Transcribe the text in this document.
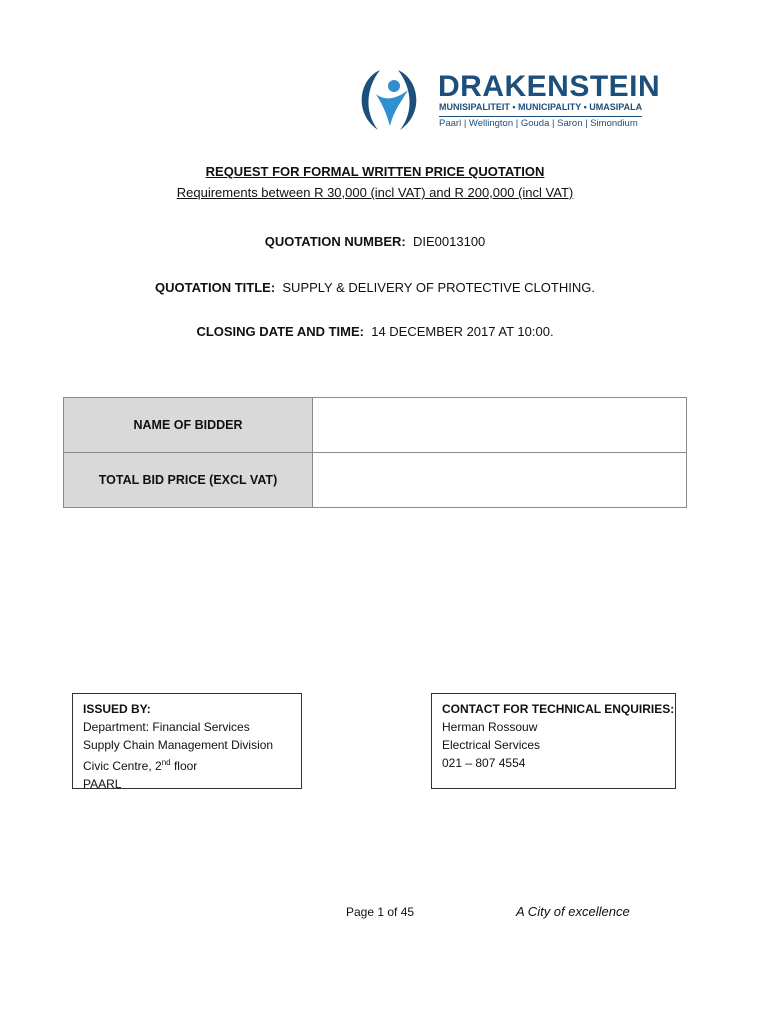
DRAKENSTEIN
MUNISIPALITEIT • MUNICIPALITY • UMASIPALA
Paarl | Wellington | Gouda | Saron | Simondium
REQUEST FOR FORMAL WRITTEN PRICE QUOTATION
Requirements between R 30,000 (incl VAT) and R 200,000 (incl VAT)
QUOTATION NUMBER: DIE0013100
QUOTATION TITLE: SUPPLY & DELIVERY OF PROTECTIVE CLOTHING.
CLOSING DATE AND TIME: 14 DECEMBER 2017 AT 10:00.
NAME OF BIDDER	
TOTAL BID PRICE (EXCL VAT)	
ISSUED BY:
Department: Financial Services
Supply Chain Management Division
Civic Centre, 2nd floor
PAARL
CONTACT FOR TECHNICAL ENQUIRIES:
Herman Rossouw
Electrical Services
021 – 807 4554
Page 1 of 45	A City of excellence
